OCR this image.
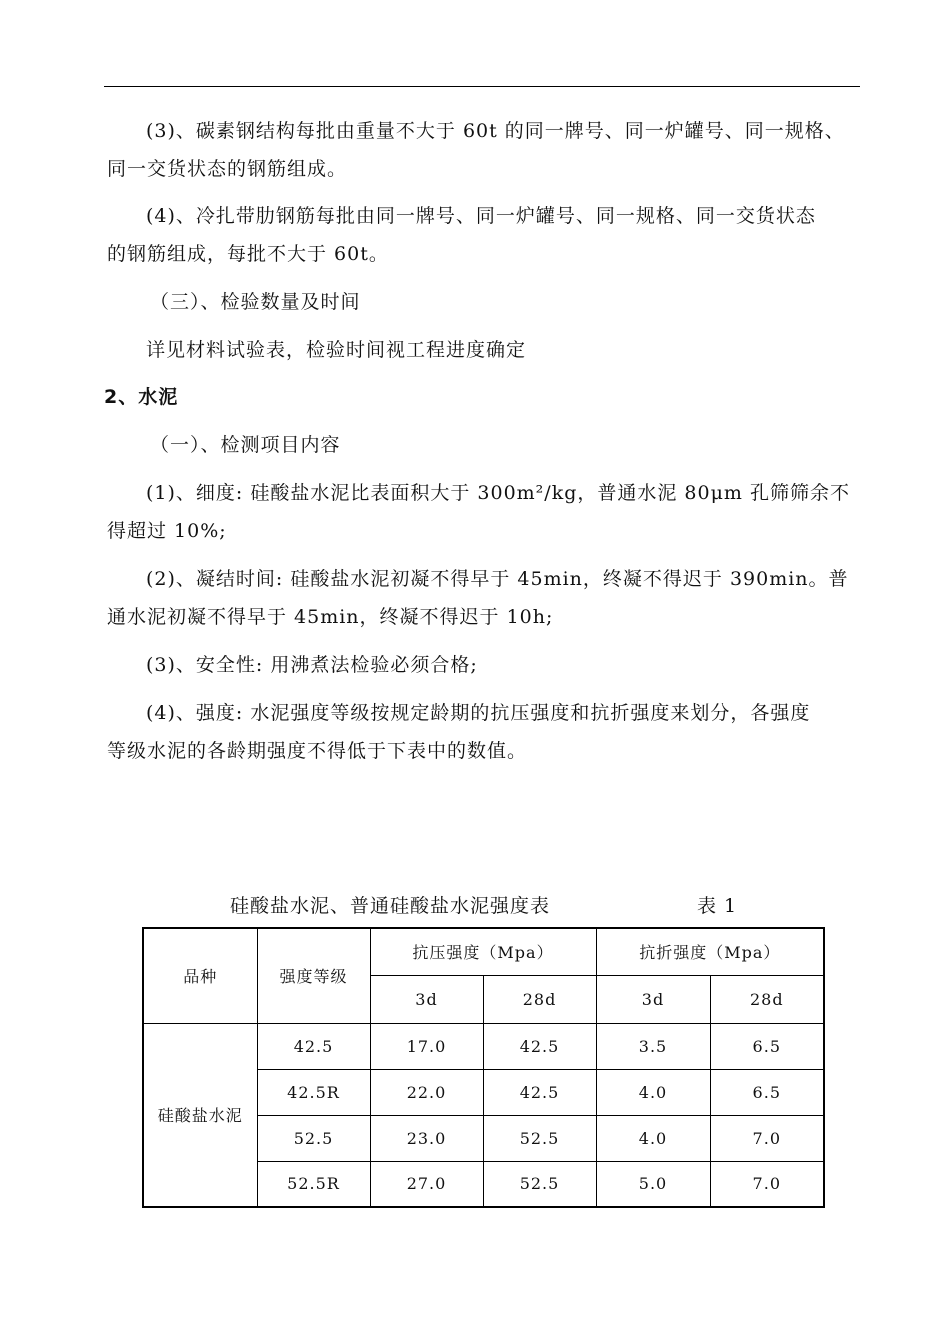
(3)、碳素钢结构每批由重量不大于 60t 的同一牌号、同一炉罐号、同一规格、
同一交货状态的钢筋组成。
(4)、冷扎带肋钢筋每批由同一牌号、同一炉罐号、同一规格、同一交货状态
的钢筋组成，每批不大于 60t。
（三）、检验数量及时间
详见材料试验表，检验时间视工程进度确定
2、水泥
（一）、检测项目内容
(1)、细度: 硅酸盐水泥比表面积大于 300m²/kg，普通水泥 80μm 孔筛筛余不
得超过 10%;
(2)、凝结时间: 硅酸盐水泥初凝不得早于 45min，终凝不得迟于 390min。普
通水泥初凝不得早于 45min，终凝不得迟于 10h;
(3)、安全性: 用沸煮法检验必须合格;
(4)、强度: 水泥强度等级按规定龄期的抗压强度和抗折强度来划分，各强度
等级水泥的各龄期强度不得低于下表中的数值。
硅酸盐水泥、普通硅酸盐水泥强度表	表 1
品种	强度等级	抗压强度（Mpa）		抗折强度（Mpa）	
		3d	28d	3d	28d
硅酸盐水泥	42.5	17.0	42.5	3.5	6.5
	42.5R	22.0	42.5	4.0	6.5
	52.5	23.0	52.5	4.0	7.0
	52.5R	27.0	52.5	5.0	7.0
